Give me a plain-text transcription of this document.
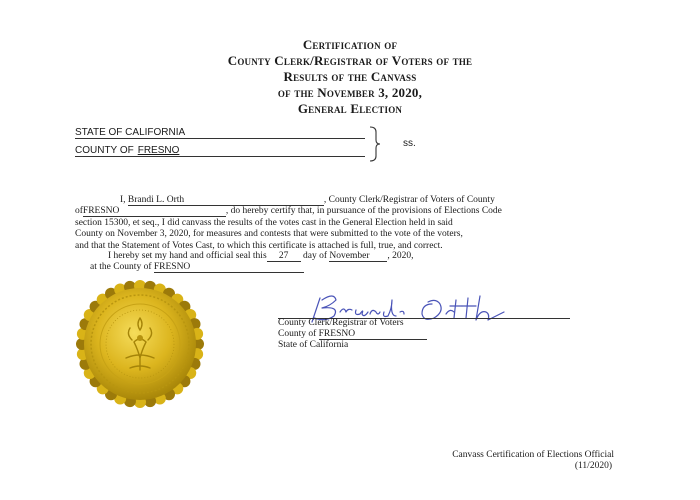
Certification of
County Clerk/Registrar of Voters of the
Results of the Canvass
of the November 3, 2020,
General Election
STATE OF CALIFORNIA
COUNTY OF FRESNO
ss.
I, Brandi L. Orth	, County Clerk/Registrar of Voters of County
ofFRESNO	, do hereby certify that, in pursuance of the provisions of Elections Code
section 15300, et seq., I did canvass the results of the votes cast in the General Election held in said
County on November 3, 2020, for measures and contests that were submitted to the vote of the voters,
and that the Statement of Votes Cast, to which this certificate is attached is full, true, and correct.
I hereby set my hand and official seal this 27 day of November , 2020,
at the County of FRESNO
County Clerk/Registrar of Voters
County of FRESNO
State of California
Canvass Certification of Elections Official
(11/2020)
